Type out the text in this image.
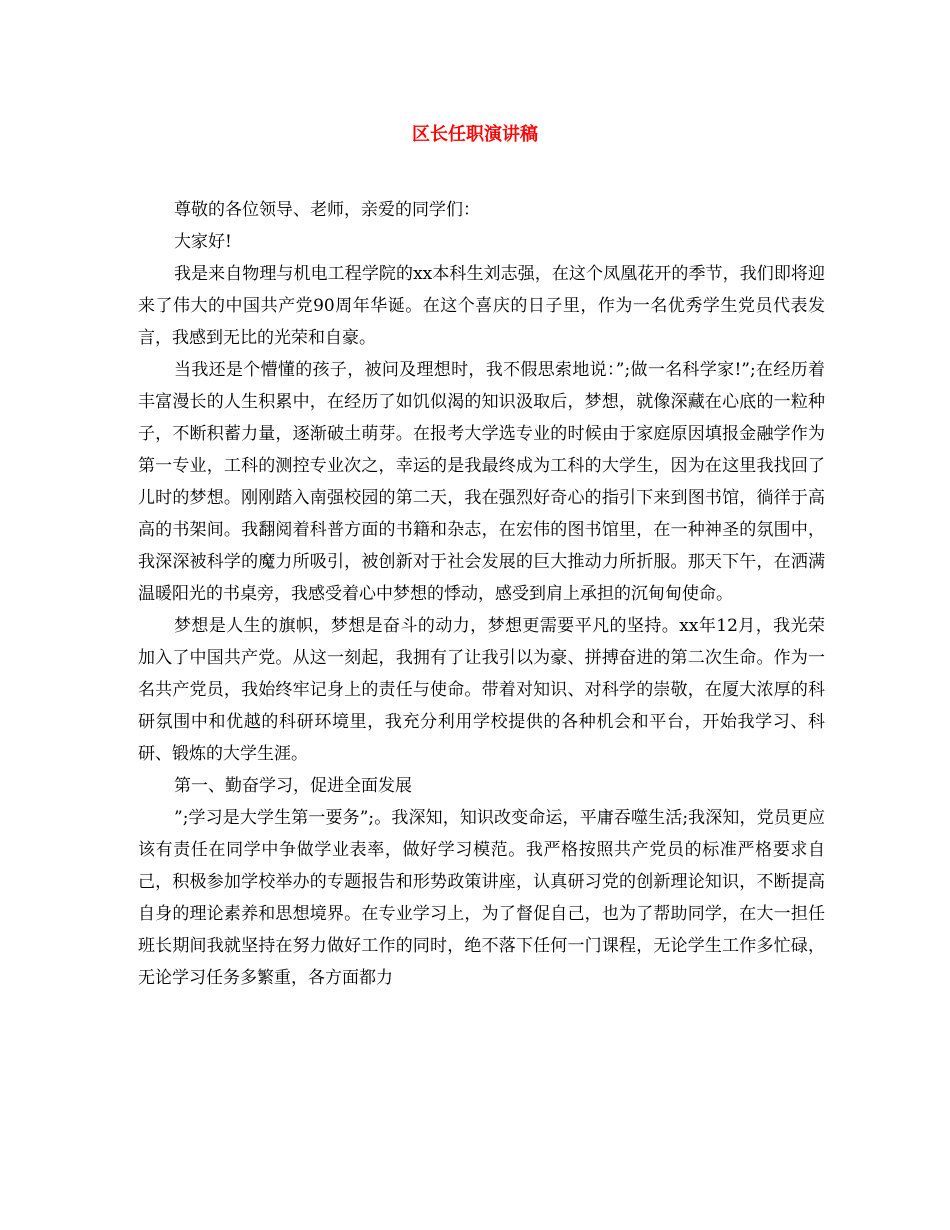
区长任职演讲稿

尊敬的各位领导、老师，亲爱的同学们：

大家好!

我是来自物理与机电工程学院的xx本科生刘志强，在这个凤凰花开的季节，我们即将迎来了伟大的中国共产党90周年华诞。在这个喜庆的日子里，作为一名优秀学生党员代表发言，我感到无比的光荣和自豪。

当我还是个懵懂的孩子，被问及理想时，我不假思索地说：”;做一名科学家!”;在经历着丰富漫长的人生积累中，在经历了如饥似渴的知识汲取后，梦想，就像深藏在心底的一粒种子，不断积蓄力量，逐渐破土萌芽。在报考大学选专业的时候由于家庭原因填报金融学作为第一专业，工科的测控专业次之，幸运的是我最终成为工科的大学生，因为在这里我找回了儿时的梦想。刚刚踏入南强校园的第二天，我在强烈好奇心的指引下来到图书馆，徜徉于高高的书架间。我翻阅着科普方面的书籍和杂志，在宏伟的图书馆里，在一种神圣的氛围中，我深深被科学的魔力所吸引，被创新对于社会发展的巨大推动力所折服。那天下午，在洒满温暖阳光的书桌旁，我感受着心中梦想的悸动，感受到肩上承担的沉甸甸使命。

梦想是人生的旗帜，梦想是奋斗的动力，梦想更需要平凡的坚持。xx年12月，我光荣加入了中国共产党。从这一刻起，我拥有了让我引以为豪、拼搏奋进的第二次生命。作为一名共产党员，我始终牢记身上的责任与使命。带着对知识、对科学的崇敬，在厦大浓厚的科研氛围中和优越的科研环境里，我充分利用学校提供的各种机会和平台，开始我学习、科研、锻炼的大学生涯。

第一、勤奋学习，促进全面发展

”;学习是大学生第一要务”;。我深知，知识改变命运，平庸吞噬生活;我深知，党员更应该有责任在同学中争做学业表率，做好学习模范。我严格按照共产党员的标准严格要求自己，积极参加学校举办的专题报告和形势政策讲座，认真研习党的创新理论知识，不断提高自身的理论素养和思想境界。在专业学习上，为了督促自己，也为了帮助同学，在大一担任班长期间我就坚持在努力做好工作的同时，绝不落下任何一门课程，无论学生工作多忙碌，无论学习任务多繁重，各方面都力
